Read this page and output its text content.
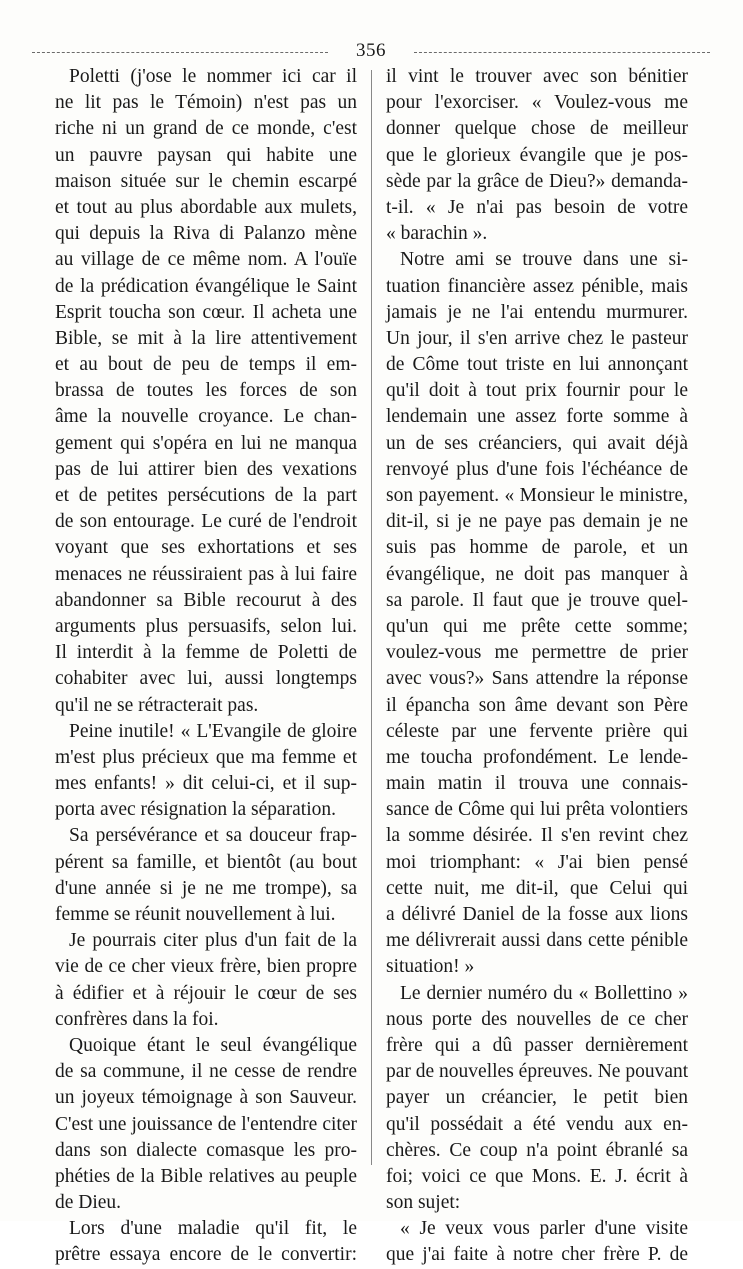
356
Poletti (j'ose le nommer ici car il
ne lit pas le Témoin) n'est pas un
riche ni un grand de ce monde, c'est
un pauvre paysan qui habite une
maison située sur le chemin escarpé
et tout au plus abordable aux mulets,
qui depuis la Riva di Palanzo mène
au village de ce même nom. A l'ouïe
de la prédication évangélique le Saint
Esprit toucha son cœur. Il acheta une
Bible, se mit à la lire attentivement
et au bout de peu de temps il em-
brassa de toutes les forces de son
âme la nouvelle croyance. Le chan-
gement qui s'opéra en lui ne manqua
pas de lui attirer bien des vexations
et de petites persécutions de la part
de son entourage. Le curé de l'endroit
voyant que ses exhortations et ses
menaces ne réussiraient pas à lui faire
abandonner sa Bible recourut à des
arguments plus persuasifs, selon lui.
Il interdit à la femme de Poletti de
cohabiter avec lui, aussi longtemps
qu'il ne se rétracterait pas.
Peine inutile! « L'Evangile de gloire
m'est plus précieux que ma femme et
mes enfants! » dit celui-ci, et il sup-
porta avec résignation la séparation.
Sa persévérance et sa douceur frap-
pérent sa famille, et bientôt (au bout
d'une année si je ne me trompe), sa
femme se réunit nouvellement à lui.
Je pourrais citer plus d'un fait de la
vie de ce cher vieux frère, bien propre
à édifier et à réjouir le cœur de ses
confrères dans la foi.
Quoique étant le seul évangélique
de sa commune, il ne cesse de rendre
un joyeux témoignage à son Sauveur.
C'est une jouissance de l'entendre citer
dans son dialecte comasque les pro-
phéties de la Bible relatives au peuple
de Dieu.
Lors d'une maladie qu'il fit, le
prêtre essaya encore de le convertir:
il vint le trouver avec son bénitier
pour l'exorciser. « Voulez-vous me
donner quelque chose de meilleur
que le glorieux évangile que je pos-
sède par la grâce de Dieu?» demanda-
t-il. « Je n'ai pas besoin de votre
« barachin ».
Notre ami se trouve dans une si-
tuation financière assez pénible, mais
jamais je ne l'ai entendu murmurer.
Un jour, il s'en arrive chez le pasteur
de Côme tout triste en lui annonçant
qu'il doit à tout prix fournir pour le
lendemain une assez forte somme à
un de ses créanciers, qui avait déjà
renvoyé plus d'une fois l'échéance de
son payement. « Monsieur le ministre,
dit-il, si je ne paye pas demain je ne
suis pas homme de parole, et un
évangélique, ne doit pas manquer à
sa parole. Il faut que je trouve quel-
qu'un qui me prête cette somme;
voulez-vous me permettre de prier
avec vous?» Sans attendre la réponse
il épancha son âme devant son Père
céleste par une fervente prière qui
me toucha profondément. Le lende-
main matin il trouva une connais-
sance de Côme qui lui prêta volontiers
la somme désirée. Il s'en revint chez
moi triomphant: « J'ai bien pensé
cette nuit, me dit-il, que Celui qui
a délivré Daniel de la fosse aux lions
me délivrerait aussi dans cette pénible
situation! »
Le dernier numéro du « Bollettino »
nous porte des nouvelles de ce cher
frère qui a dû passer dernièrement
par de nouvelles épreuves. Ne pouvant
payer un créancier, le petit bien
qu'il possédait a été vendu aux en-
chères. Ce coup n'a point ébranlé sa
foi; voici ce que Mons. E. J. écrit à
son sujet:
« Je veux vous parler d'une visite
que j'ai faite à notre cher frère P. de
